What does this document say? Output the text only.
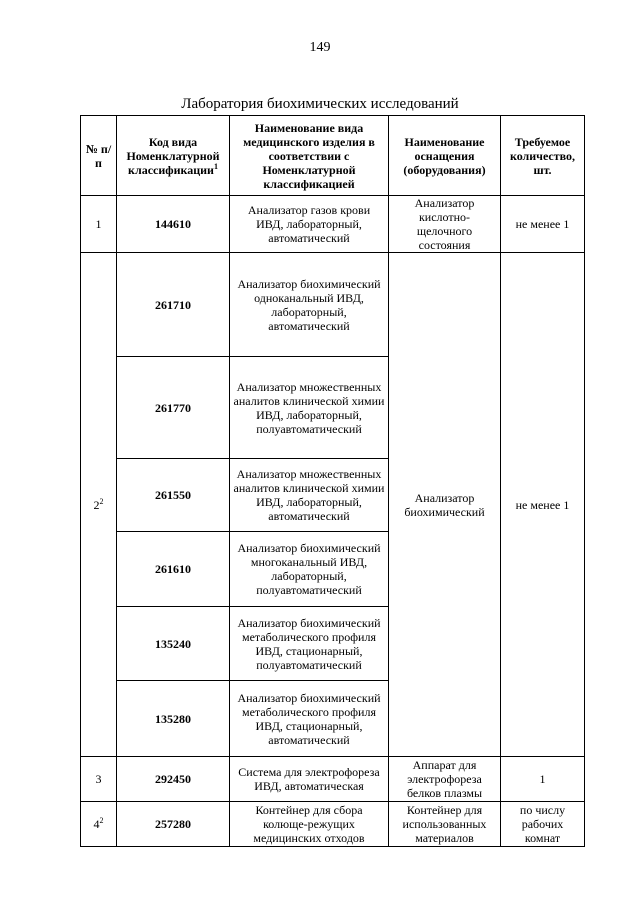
149
Лаборатория биохимических исследований
№ п/п	Код вида Номенклатурной классификации$^1$	Наименование вида медицинского изделия в соответствии с Номенклатурной классификацией	Наименование оснащения (оборудования)	Требуемое количество, шт.
1	144610	Анализатор газов крови ИВД, лабораторный, автоматический	Анализатор кислотно-щелочного состояния	не менее 1
$2^2$	261710	Анализатор биохимический одноканальный ИВД, лабораторный, автоматический	Анализатор биохимический	не менее 1
	261770	Анализатор множественных аналитов клинической химии ИВД, лабораторный, полуавтоматический		
	261550	Анализатор множественных аналитов клинической химии ИВД, лабораторный, автоматический		
	261610	Анализатор биохимический многоканальный ИВД, лабораторный, полуавтоматический		
	135240	Анализатор биохимический метаболического профиля ИВД, стационарный, полуавтоматический		
	135280	Анализатор биохимический метаболического профиля ИВД, стационарный, автоматический		
3	292450	Система для электрофореза ИВД, автоматическая	Аппарат для электрофореза белков плазмы	1
$4^2$	257280	Контейнер для сбора колюще-режущих медицинских отходов	Контейнер для использованных материалов	по числу рабочих комнат
